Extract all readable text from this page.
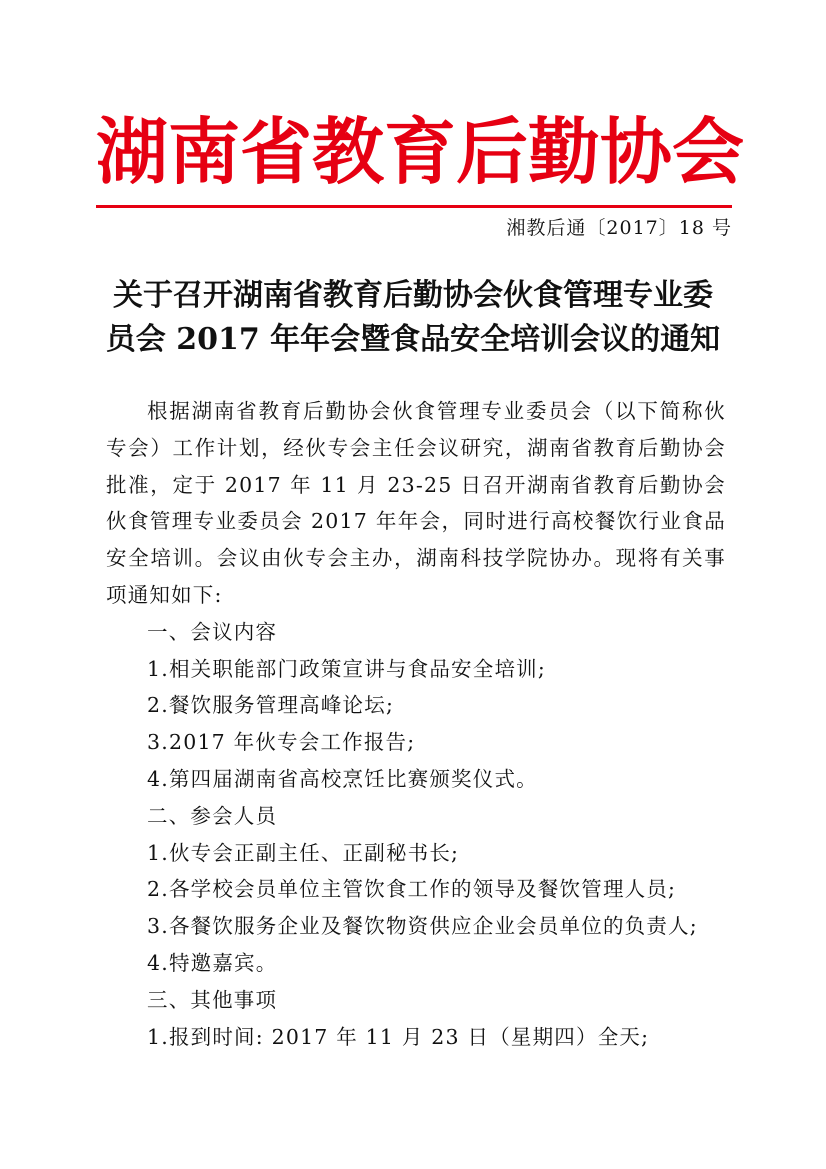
湖南省教育后勤协会
湘教后通〔2017〕18 号
关于召开湖南省教育后勤协会伙食管理专业委
员会 2017 年年会暨食品安全培训会议的通知

根据湖南省教育后勤协会伙食管理专业委员会（以下简称伙专会）工作计划，经伙专会主任会议研究，湖南省教育后勤协会批准，定于 2017 年 11 月 23-25 日召开湖南省教育后勤协会伙食管理专业委员会 2017 年年会，同时进行高校餐饮行业食品安全培训。会议由伙专会主办，湖南科技学院协办。现将有关事项通知如下:

一、会议内容

1.相关职能部门政策宣讲与食品安全培训;

2.餐饮服务管理高峰论坛;

3.2017 年伙专会工作报告;

4.第四届湖南省高校烹饪比赛颁奖仪式。

二、参会人员

1.伙专会正副主任、正副秘书长;

2.各学校会员单位主管饮食工作的领导及餐饮管理人员;

3.各餐饮服务企业及餐饮物资供应企业会员单位的负责人;

4.特邀嘉宾。

三、其他事项

1.报到时间: 2017 年 11 月 23 日（星期四）全天;
